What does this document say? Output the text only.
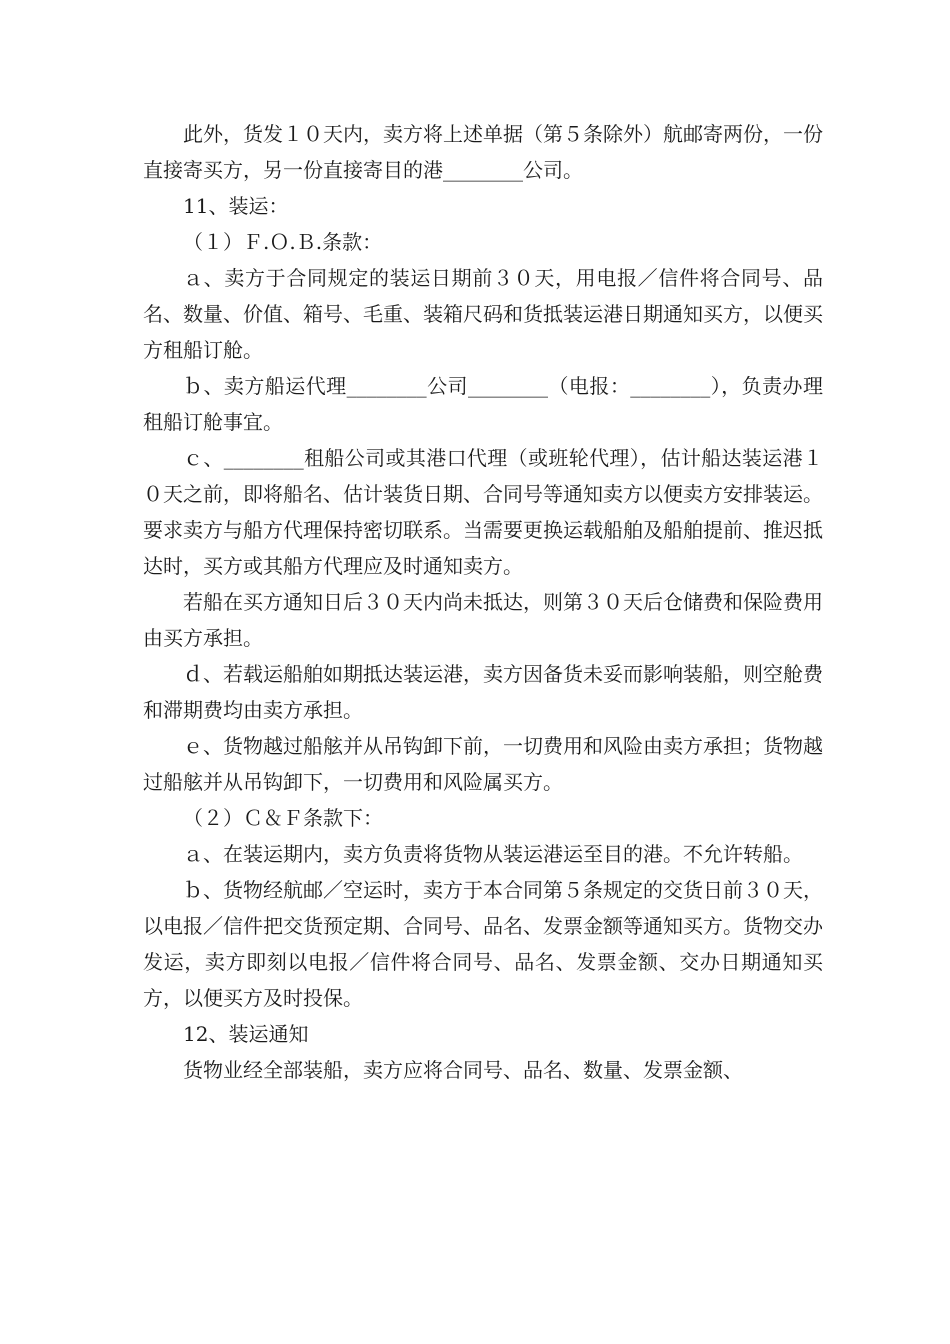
此外，货发１０天内，卖方将上述单据（第５条除外）航邮寄两份，一份直接寄买方，另一份直接寄目的港________公司。

11、装运：

（１）Ｆ.Ｏ.Ｂ.条款：

ａ、卖方于合同规定的装运日期前３０天，用电报／信件将合同号、品名、数量、价值、箱号、毛重、装箱尺码和货抵装运港日期通知买方，以便买方租船订舱。

ｂ、卖方船运代理________公司________（电报：________），负责办理租船订舱事宜。

ｃ、________租船公司或其港口代理（或班轮代理），估计船达装运港１０天之前，即将船名、估计装货日期、合同号等通知卖方以便卖方安排装运。要求卖方与船方代理保持密切联系。当需要更换运载船舶及船舶提前、推迟抵达时，买方或其船方代理应及时通知卖方。

若船在买方通知日后３０天内尚未抵达，则第３０天后仓储费和保险费用由买方承担。

ｄ、若载运船舶如期抵达装运港，卖方因备货未妥而影响装船，则空舱费和滞期费均由卖方承担。

ｅ、货物越过船舷并从吊钩卸下前，一切费用和风险由卖方承担；货物越过船舷并从吊钩卸下，一切费用和风险属买方。

（２）Ｃ＆Ｆ条款下：

ａ、在装运期内，卖方负责将货物从装运港运至目的港。不允许转船。

ｂ、货物经航邮／空运时，卖方于本合同第５条规定的交货日前３０天，以电报／信件把交货预定期、合同号、品名、发票金额等通知买方。货物交办发运，卖方即刻以电报／信件将合同号、品名、发票金额、交办日期通知买方，以便买方及时投保。

12、装运通知

货物业经全部装船，卖方应将合同号、品名、数量、发票金额、
